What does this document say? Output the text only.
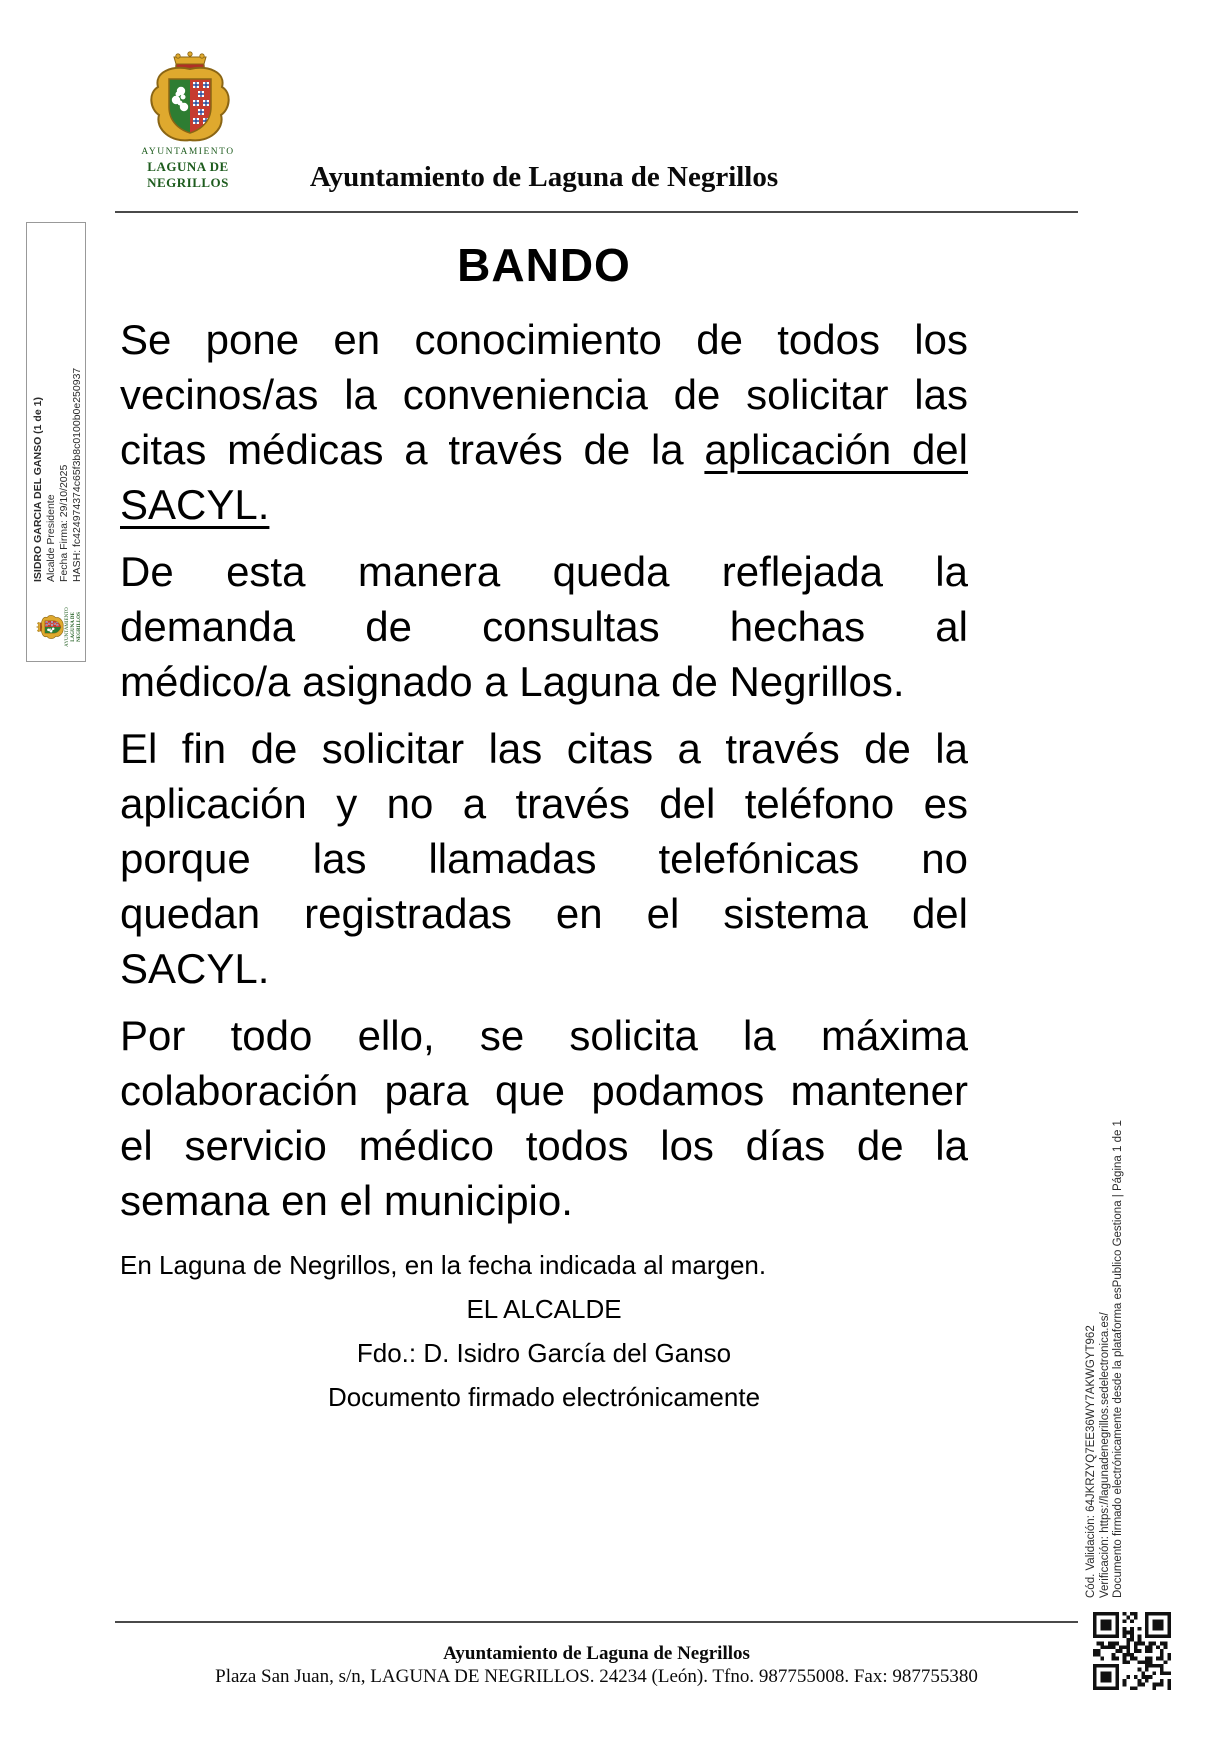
AYUNTAMIENTO
LAGUNA DE NEGRILLOS	Ayuntamiento de Laguna de Negrillos
ISIDRO GARCIA DEL GANSO (1 de 1) Alcalde Presidente Fecha Firma: 29/10/2025 HASH: fc424974374c65f3b8c0100b0e250937
AYUNTAMIENTO LAGUNA DE NEGRILLOS
BANDO
Se pone en conocimiento de todos los
vecinos/as la conveniencia de solicitar las
citas médicas a través de la aplicación del
SACYL.
De esta manera queda reflejada la
demanda de consultas hechas al
médico/a asignado a Laguna de Negrillos.
El fin de solicitar las citas a través de la
aplicación y no a través del teléfono es
porque las llamadas telefónicas no
quedan registradas en el sistema del
SACYL.
Por todo ello, se solicita la máxima
colaboración para que podamos mantener
el servicio médico todos los días de la
semana en el municipio.
En Laguna de Negrillos, en la fecha indicada al margen.
EL ALCALDE
Fdo.: D. Isidro García del Ganso
Documento firmado electrónicamente
Ayuntamiento de Laguna de Negrillos
Plaza San Juan, s/n, LAGUNA DE NEGRILLOS. 24234 (León). Tfno. 987755008. Fax: 987755380
Cód. Validación: 64JKRZYQ7EE36WY7AKWGYT962 Verificación: https://lagunadenegrillos.sedelectronica.es/ Documento firmado electrónicamente desde la plataforma esPublico Gestiona | Página 1 de 1
